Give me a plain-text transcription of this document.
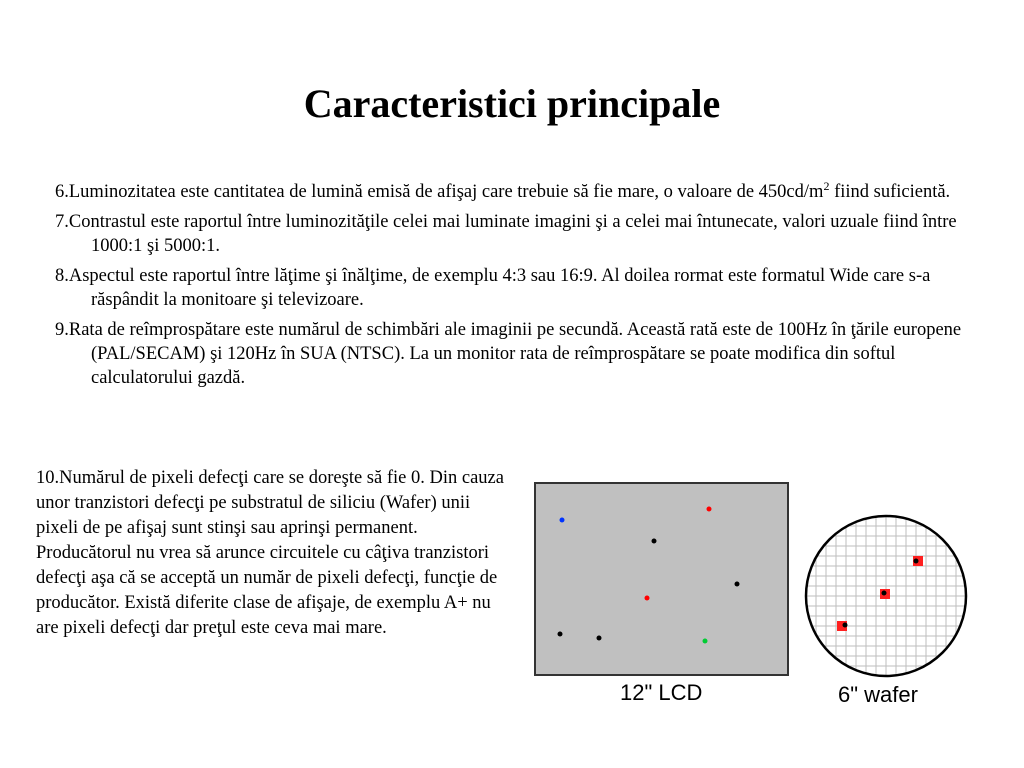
Caracteristici principale
6.Luminozitatea este cantitatea de lumină emisă de afişaj care trebuie să fie mare, o valoare de $450cd/m^2$ fiind suficientă.
7.Contrastul este raportul între luminozităţile celei mai luminate imagini şi a celei mai întunecate, valori uzuale fiind între 1000:1 şi 5000:1.
8.Aspectul este raportul între lăţime şi înălţime, de exemplu 4:3 sau 16:9. Al doilea rormat este formatul Wide care s-a răspândit la monitoare şi televizoare.
9.Rata de reîmprospătare este numărul de schimbări ale imaginii pe secundă. Această rată este de 100Hz în ţările europene (PAL/SECAM) şi 120Hz în SUA (NTSC). La un monitor rata de reîmprospătare se poate modifica din softul calculatorului gazdă.
10.Numărul de pixeli defecţi care se doreşte să fie 0. Din cauza unor tranzistori defecţi pe substratul de siliciu (Wafer) unii pixeli de pe afişaj sunt stinşi sau aprinşi permanent. Producătorul nu vrea să arunce circuitele cu câţiva tranzistori defecţi aşa că se acceptă un număr de pixeli defecţi, funcţie de producător. Există diferite clase de afişaje, de exemplu A+ nu are pixeli defecţi dar preţul este ceva mai mare.
12" LCD	6" wafer
